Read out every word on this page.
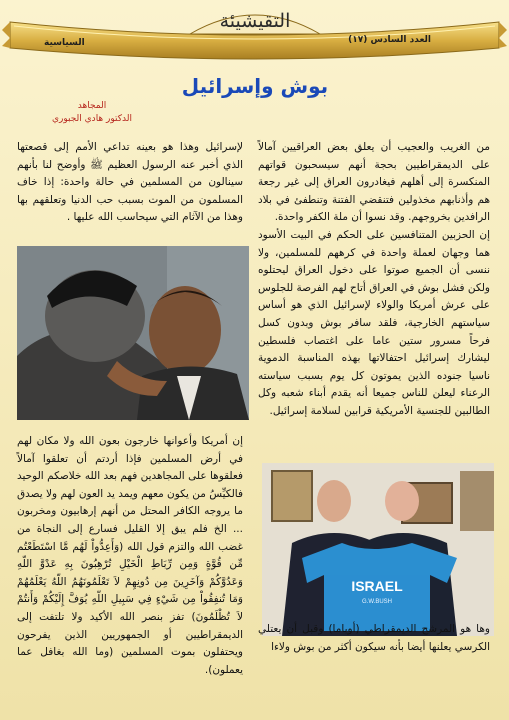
التقيشيئة
العدد السادس (١٧)
السياسية
بوش وإسرائيل
المجاهد
الدكتور هادي الجبوري
من الغريب والعجيب أن يعلق بعض العراقيين آمالاً على الديمقراطيين بحجة أنهم سيسحبون قواتهم المنكسرة إلى أهلهم فيغادرون العراق إلى غير رجعة هم وأذنابهم مخذولين فتنقضي الفتنة وتنطفئ في بلاد الرافدين بخروجهم. وقد نسوا أن ملة الكفر واحدة.
إن الحزبين المتنافسين على الحكم في البيت الأسود هما وجهان لعملة واحدة في كرههم للمسلمين، ولا ننسى أن الجميع صوتوا على دخول العراق ليحتلوه ولكن فشل بوش في العراق أتاح لهم الفرصة للجلوس على عرش أمريكا والولاء لإسرائيل الذي هو أساس سياستهم الخارجية، فلقد سافر بوش وبدون كسل فرحاً مسرور ستين عاما على اغتصاب فلسطين ليشارك إسرائيل احتفالاتها بهذه المناسبة الدموية ناسيا جنوده الذين يموتون كل يوم بسبب سياسته الرعناء ليعلن للناس جميعا أنه يقدم أبناء شعبه وكل الطالبين للجنسية الأمريكية قرابين لسلامة إسرائيل.
لإسرائيل وهذا هو بعينه تداعي الأمم إلى قصعتها الذي أخبر عنه الرسول العظيم ﷺ وأوضح لنا بأنهم سينالون من المسلمين في حالة واحدة: إذا خاف المسلمون من الموت بسبب حب الدنيا وتعلقهم بها وهذا من الآثام التي سيحاسب الله عليها .
إن أمريكا وأعوانها خارجون بعون الله ولا مكان لهم في أرض المسلمين فإذا أردتم أن تعلقوا آمالاً فعلقوها على المجاهدين فهم بعد الله خلاصكم الوحيد فالكيِّسُ من يكون معهم ويمد يد العون لهم ولا يصدق ما يروجه الكافر المحتل من أنهم إرهابيون ومخربون ... الخ فلم يبق إلا القليل فسارع إلى النجاة من غضب الله والتزم قول الله (وَأَعِدُّواْ لَهُم مَّا اسْتَطَعْتُم مِّن قُوَّةٍ وَمِن رِّبَاطِ الْخَيْلِ تُرْهِبُونَ بِهِ عَدْوَّ اللّهِ وَعَدُوَّكُمْ وَآخَرِينَ مِن دُونِهِمْ لاَ تَعْلَمُونَهُمُ اللّهُ يَعْلَمُهُمْ وَمَا تُنفِقُواْ مِن شَيْءٍ فِي سَبِيلِ اللّهِ يُوَفَّ إِلَيْكُمْ وَأَنتُمْ لاَ تُظْلَمُونَ) تفز بنصر الله الأكيد ولا تلتفت إلى الديمقراطيين أو الجمهوريين الذين يفرحون ويحتفلون بموت المسلمين (وما الله بغافل عما يعملون).
ISRAEL
G.W.BUSH
وها هو المرشح الديمقراطي (أوباما) وقبل أن يعتلي الكرسي يعلنها أيضا بأنه سيكون أكثر من بوش ولاءا
